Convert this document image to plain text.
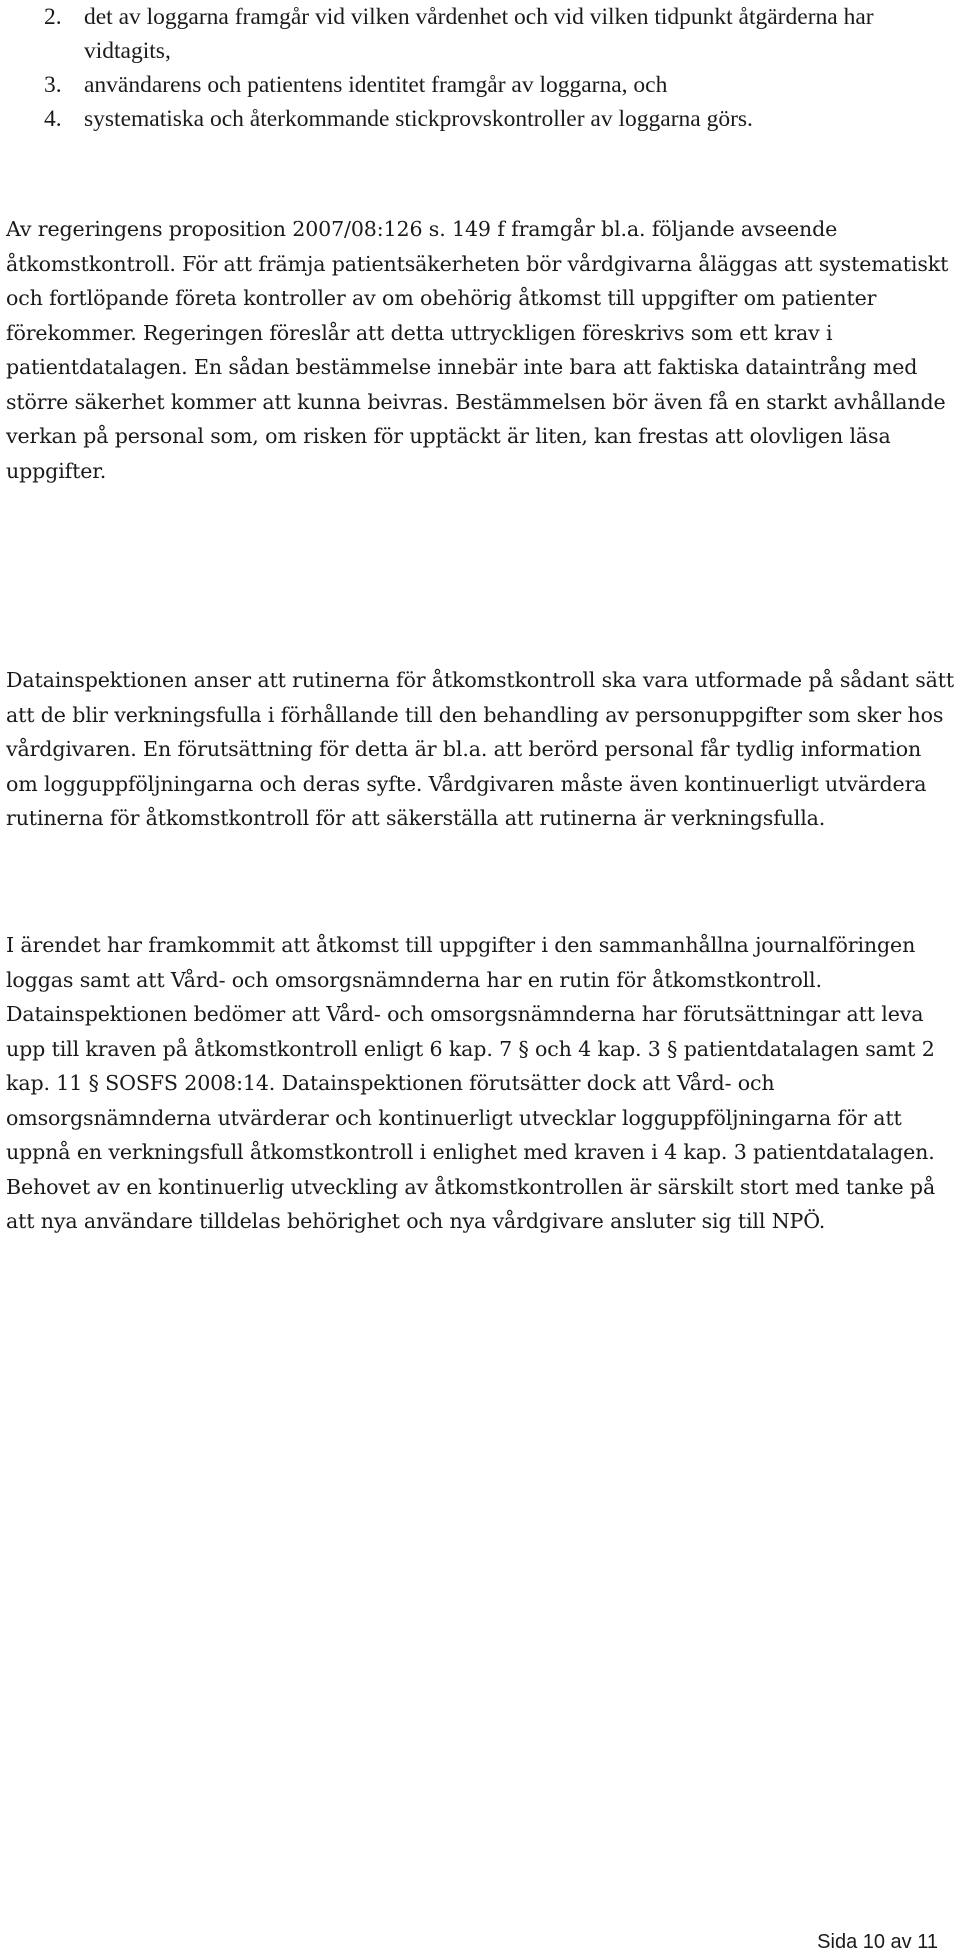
2. det av loggarna framgår vid vilken vårdenhet och vid vilken tidpunkt åtgärderna har vidtagits,
3. användarens och patientens identitet framgår av loggarna, och
4. systematiska och återkommande stickprovskontroller av loggarna görs.

Av regeringens proposition 2007/08:126 s. 149 f framgår bl.a. följande avseende åtkomstkontroll. För att främja patientsäkerheten bör vårdgivarna åläggas att systematiskt och fortlöpande företa kontroller av om obehörig åtkomst till uppgifter om patienter förekommer. Regeringen föreslår att detta uttryckligen föreskrivs som ett krav i patientdatalagen. En sådan bestämmelse innebär inte bara att faktiska dataintrång med större säkerhet kommer att kunna beivras. Bestämmelsen bör även få en starkt avhållande verkan på personal som, om risken för upptäckt är liten, kan frestas att olovligen läsa uppgifter.

Datainspektionen anser att rutinerna för åtkomstkontroll ska vara utformade på sådant sätt att de blir verkningsfulla i förhållande till den behandling av personuppgifter som sker hos vårdgivaren. En förutsättning för detta är bl.a. att berörd personal får tydlig information om logguppföljningarna och deras syfte. Vårdgivaren måste även kontinuerligt utvärdera rutinerna för åtkomstkontroll för att säkerställa att rutinerna är verkningsfulla.

I ärendet har framkommit att åtkomst till uppgifter i den sammanhållna journalföringen loggas samt att Vård- och omsorgsnämnderna har en rutin för åtkomstkontroll. Datainspektionen bedömer att Vård- och omsorgsnämnderna har förutsättningar att leva upp till kraven på åtkomstkontroll enligt 6 kap. 7 § och 4 kap. 3 § patientdatalagen samt 2 kap. 11 § SOSFS 2008:14. Datainspektionen förutsätter dock att Vård- och omsorgsnämnderna utvärderar och kontinuerligt utvecklar logguppföljningarna för att uppnå en verkningsfull åtkomstkontroll i enlighet med kraven i 4 kap. 3 patientdatalagen. Behovet av en kontinuerlig utveckling av åtkomstkontrollen är särskilt stort med tanke på att nya användare tilldelas behörighet och nya vårdgivare ansluter sig till NPÖ.

Sida 10 av 11
